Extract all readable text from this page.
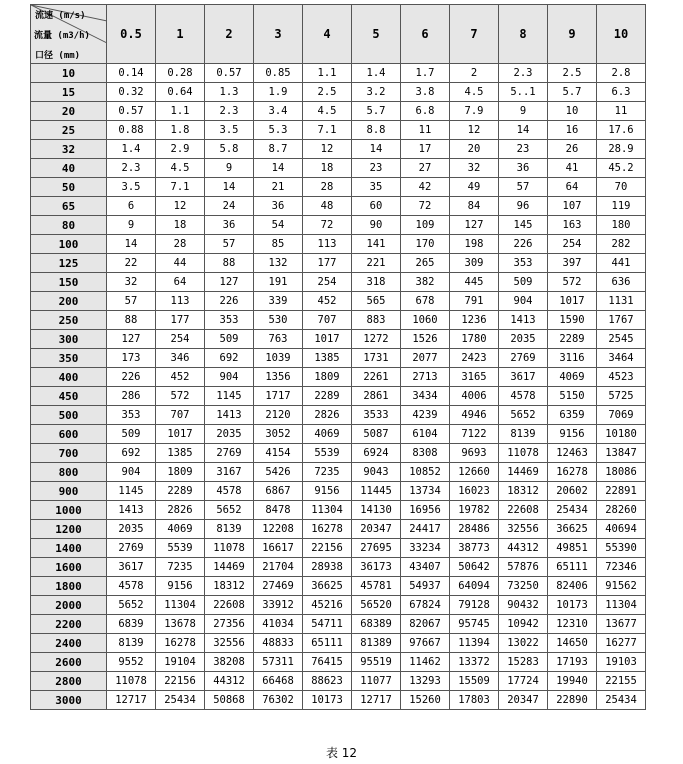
流速 (m/s)
流量 (m3/h)
口径 (mm)	0.5	1	2	3	4	5	6	7	8	9	10
10	0.14	0.28	0.57	0.85	1.1	1.4	1.7	2	2.3	2.5	2.8
15	0.32	0.64	1.3	1.9	2.5	3.2	3.8	4.5	5..1	5.7	6.3
20	0.57	1.1	2.3	3.4	4.5	5.7	6.8	7.9	9	10	11
25	0.88	1.8	3.5	5.3	7.1	8.8	11	12	14	16	17.6
32	1.4	2.9	5.8	8.7	12	14	17	20	23	26	28.9
40	2.3	4.5	9	14	18	23	27	32	36	41	45.2
50	3.5	7.1	14	21	28	35	42	49	57	64	70
65	6	12	24	36	48	60	72	84	96	107	119
80	9	18	36	54	72	90	109	127	145	163	180
100	14	28	57	85	113	141	170	198	226	254	282
125	22	44	88	132	177	221	265	309	353	397	441
150	32	64	127	191	254	318	382	445	509	572	636
200	57	113	226	339	452	565	678	791	904	1017	1131
250	88	177	353	530	707	883	1060	1236	1413	1590	1767
300	127	254	509	763	1017	1272	1526	1780	2035	2289	2545
350	173	346	692	1039	1385	1731	2077	2423	2769	3116	3464
400	226	452	904	1356	1809	2261	2713	3165	3617	4069	4523
450	286	572	1145	1717	2289	2861	3434	4006	4578	5150	5725
500	353	707	1413	2120	2826	3533	4239	4946	5652	6359	7069
600	509	1017	2035	3052	4069	5087	6104	7122	8139	9156	10180
700	692	1385	2769	4154	5539	6924	8308	9693	11078	12463	13847
800	904	1809	3167	5426	7235	9043	10852	12660	14469	16278	18086
900	1145	2289	4578	6867	9156	11445	13734	16023	18312	20602	22891
1000	1413	2826	5652	8478	11304	14130	16956	19782	22608	25434	28260
1200	2035	4069	8139	12208	16278	20347	24417	28486	32556	36625	40694
1400	2769	5539	11078	16617	22156	27695	33234	38773	44312	49851	55390
1600	3617	7235	14469	21704	28938	36173	43407	50642	57876	65111	72346
1800	4578	9156	18312	27469	36625	45781	54937	64094	73250	82406	91562
2000	5652	11304	22608	33912	45216	56520	67824	79128	90432	10173	11304
2200	6839	13678	27356	41034	54711	68389	82067	95745	10942	12310	13677
2400	8139	16278	32556	48833	65111	81389	97667	11394	13022	14650	16277
2600	9552	19104	38208	57311	76415	95519	11462	13372	15283	17193	19103
2800	11078	22156	44312	66468	88623	11077	13293	15509	17724	19940	22155
3000	12717	25434	50868	76302	10173	12717	15260	17803	20347	22890	25434
表 12
